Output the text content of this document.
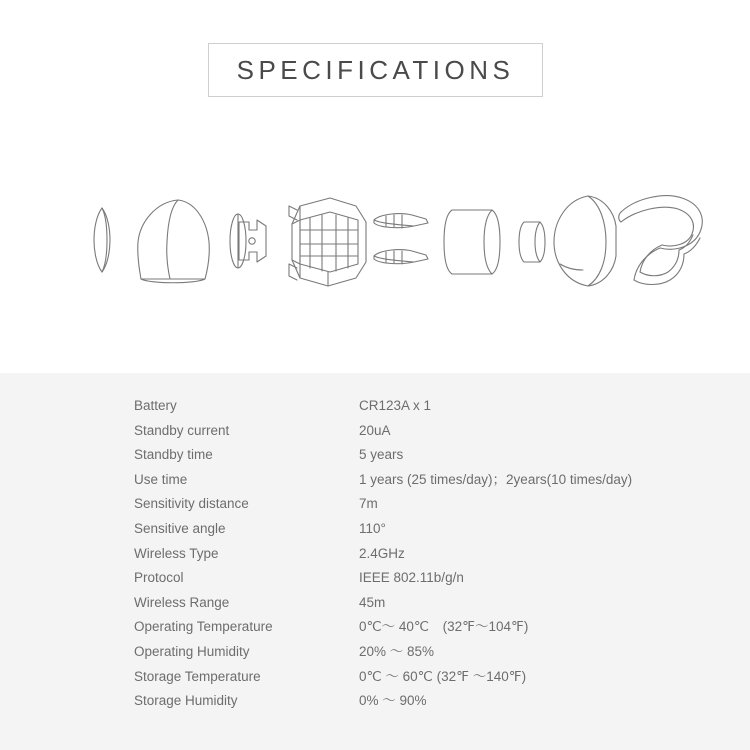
SPECIFICATIONS
Battery	CR123A x 1
Standby current	20uA
Standby time	5 years
Use time	1 years (25 times/day)；2years(10 times/day)
Sensitivity distance	7m
Sensitive angle	110°
Wireless Type	2.4GHz
Protocol	IEEE 802.11b/g/n
Wireless Range	45m
Operating Temperature	0℃～ 40℃　(32℉～104℉)
Operating Humidity	20% ～ 85%
Storage Temperature	0℃ ～ 60℃ (32℉ ～140℉)
Storage Humidity	0% ～ 90%
